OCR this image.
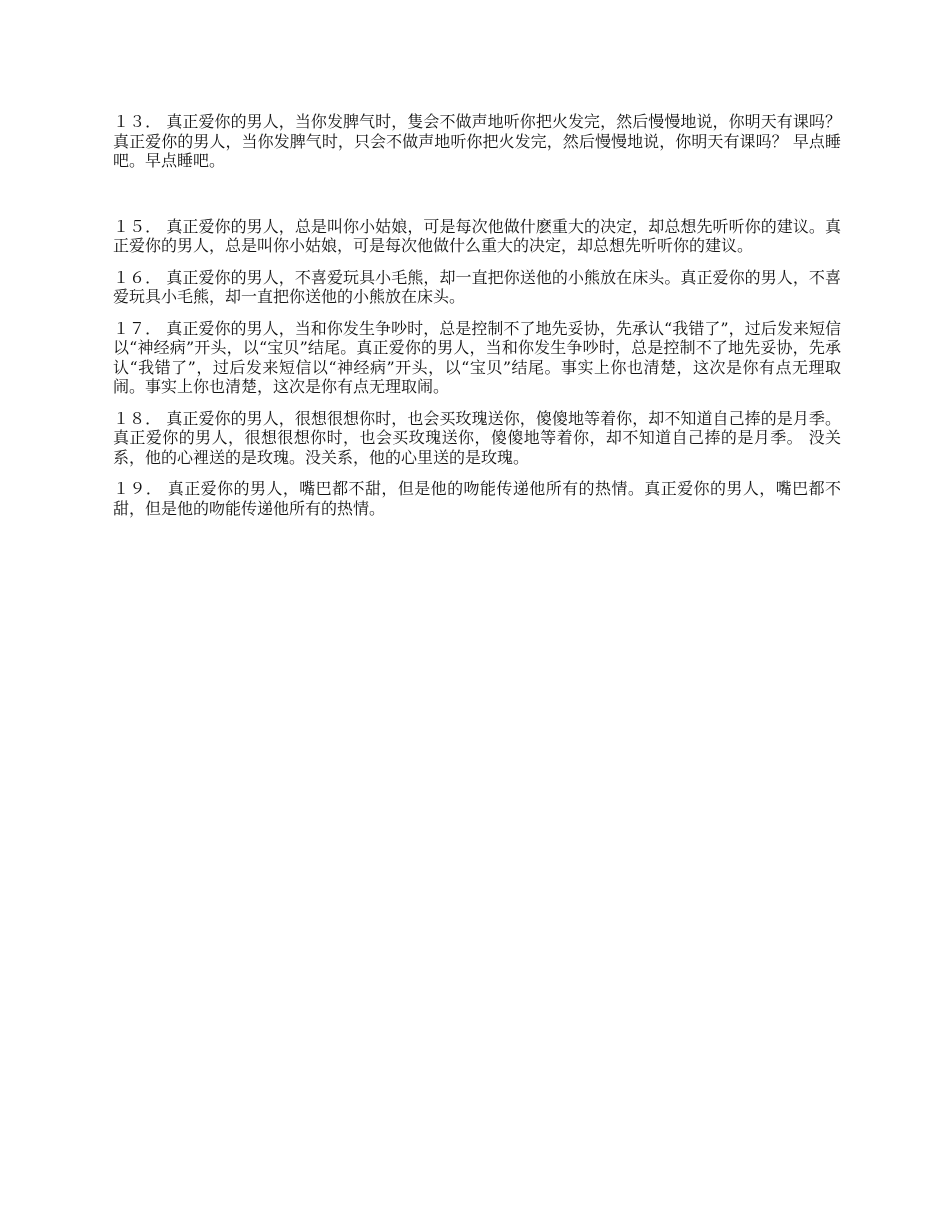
１３． 真正爱你的男人，当你发脾气时，隻会不做声地听你把火发完，然后慢慢地说，你明天有课吗？真正爱你的男人，当你发脾气时，只会不做声地听你把火发完，然后慢慢地说，你明天有课吗？ 早点睡吧。早点睡吧。

１５． 真正爱你的男人，总是叫你小姑娘，可是每次他做什麽重大的决定，却总想先听听你的建议。真正爱你的男人，总是叫你小姑娘，可是每次他做什么重大的决定，却总想先听听你的建议。

１６． 真正爱你的男人，不喜爱玩具小毛熊，却一直把你送他的小熊放在床头。真正爱你的男人，不喜爱玩具小毛熊，却一直把你送他的小熊放在床头。

１７． 真正爱你的男人，当和你发生争吵时，总是控制不了地先妥协，先承认“我错了”，过后发来短信以“神经病”开头，以“宝贝”结尾。真正爱你的男人，当和你发生争吵时，总是控制不了地先妥协，先承认“我错了”，过后发来短信以“神经病”开头，以“宝贝”结尾。事实上你也清楚，这次是你有点无理取闹。事实上你也清楚，这次是你有点无理取闹。

１８． 真正爱你的男人，很想很想你时，也会买玫瑰送你，傻傻地等着你，却不知道自己捧的是月季。真正爱你的男人，很想很想你时，也会买玫瑰送你，傻傻地等着你，却不知道自己捧的是月季。 没关系，他的心裡送的是玫瑰。没关系，他的心里送的是玫瑰。

１９． 真正爱你的男人，嘴巴都不甜，但是他的吻能传递他所有的热情。真正爱你的男人，嘴巴都不甜，但是他的吻能传递他所有的热情。
